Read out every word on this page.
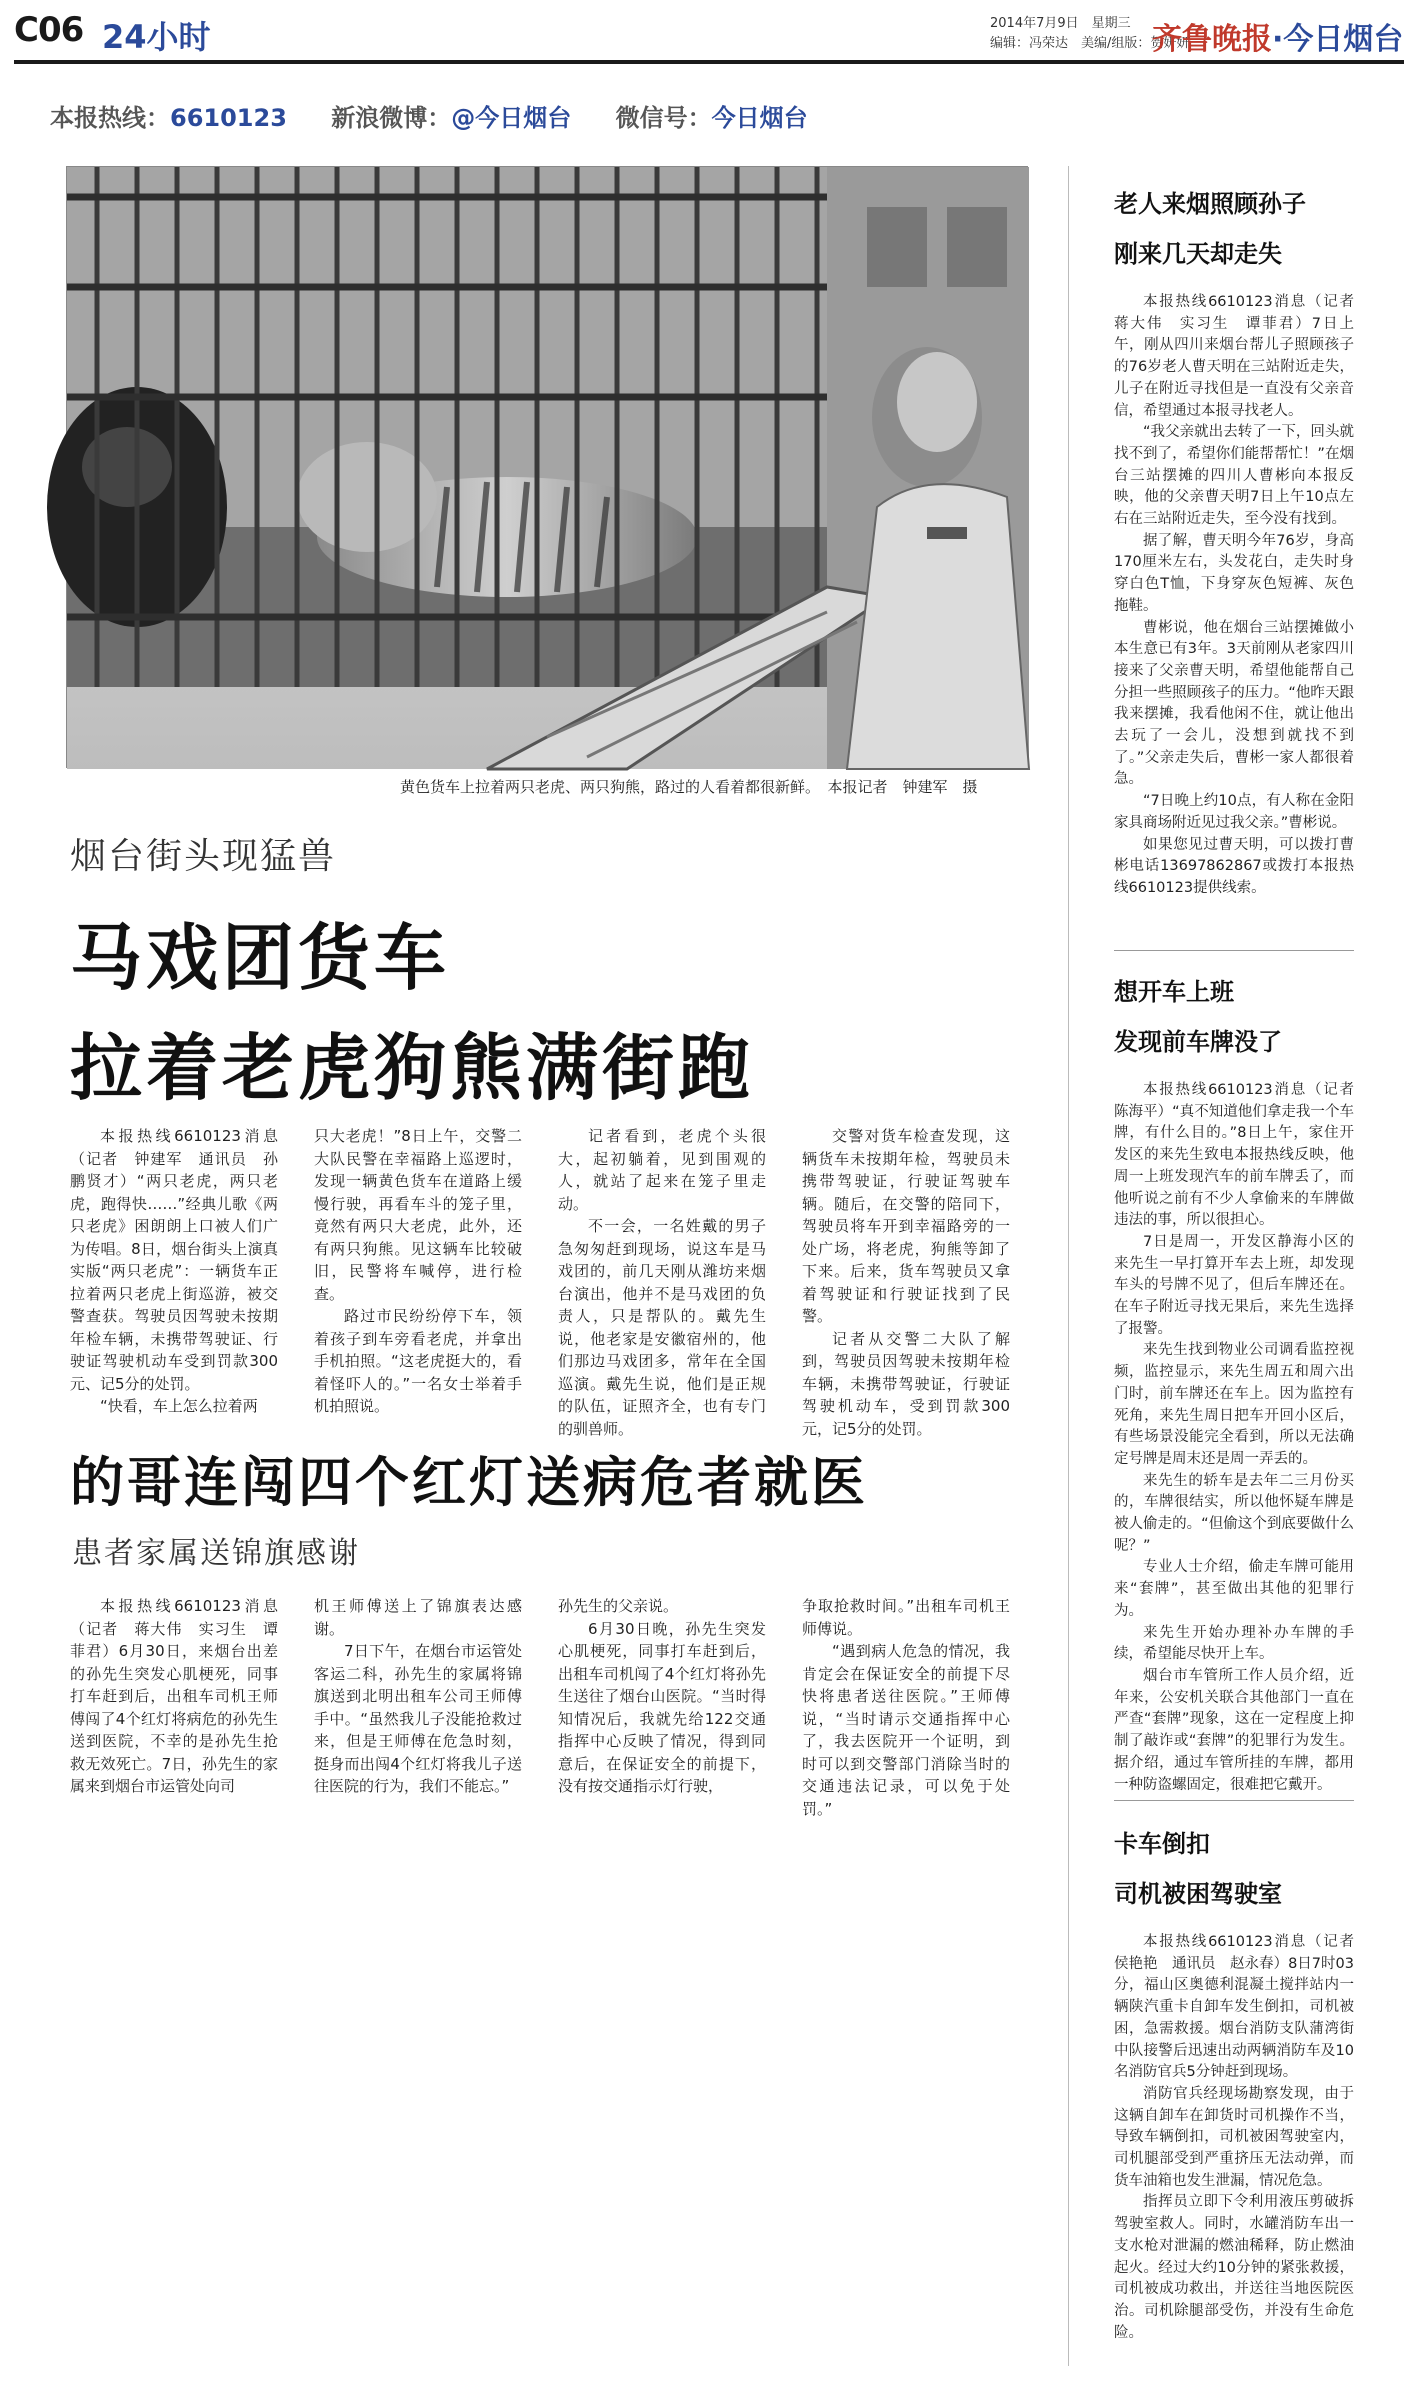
C06 24小时	2014年7月9日　星期三
编辑：冯荣达　美编/组版：贺妍妍
齐鲁晚报·今日烟台
本报热线：6610123 新浪微博：@今日烟台 微信号：今日烟台
黄色货车上拉着两只老虎、两只狗熊，路过的人看着都很新鲜。　本报记者　钟建军　摄
烟台街头现猛兽
马戏团货车
拉着老虎狗熊满街跑

本报热线6610123消息（记者　钟建军　通讯员　孙鹏贤才）“两只老虎，两只老虎，跑得快……”经典儿歌《两只老虎》困朗朗上口被人们广为传唱。8日，烟台街头上演真实版“两只老虎”：一辆货车正拉着两只老虎上街巡游，被交警查获。驾驶员因驾驶未按期年检车辆，未携带驾驶证、行驶证驾驶机动车受到罚款300元、记5分的处罚。

“快看，车上怎么拉着两

只大老虎！”8日上午，交警二大队民警在幸福路上巡逻时，发现一辆黄色货车在道路上缓慢行驶，再看车斗的笼子里，竟然有两只大老虎，此外，还有两只狗熊。见这辆车比较破旧，民警将车喊停，进行检查。

路过市民纷纷停下车，领着孩子到车旁看老虎，并拿出手机拍照。“这老虎挺大的，看着怪吓人的。”一名女士举着手机拍照说。

记者看到，老虎个头很大，起初躺着，见到围观的人，就站了起来在笼子里走动。

不一会，一名姓戴的男子急匆匆赶到现场，说这车是马戏团的，前几天刚从潍坊来烟台演出，他并不是马戏团的负责人，只是帮队的。戴先生说，他老家是安徽宿州的，他们那边马戏团多，常年在全国巡演。戴先生说，他们是正规的队伍，证照齐全，也有专门的驯兽师。

交警对货车检查发现，这辆货车未按期年检，驾驶员未携带驾驶证，行驶证驾驶车辆。随后，在交警的陪同下，驾驶员将车开到幸福路旁的一处广场，将老虎，狗熊等卸了下来。后来，货车驾驶员又拿着驾驶证和行驶证找到了民警。

记者从交警二大队了解到，驾驶员因驾驶未按期年检车辆，未携带驾驶证，行驶证驾驶机动车，受到罚款300元，记5分的处罚。

的哥连闯四个红灯送病危者就医
患者家属送锦旗感谢

本报热线6610123消息（记者　蒋大伟　实习生　谭菲君）6月30日，来烟台出差的孙先生突发心肌梗死，同事打车赶到后，出租车司机王师傅闯了4个红灯将病危的孙先生送到医院，不幸的是孙先生抢救无效死亡。7日，孙先生的家属来到烟台市运管处向司

机王师傅送上了锦旗表达感谢。

7日下午，在烟台市运管处客运二科，孙先生的家属将锦旗送到北明出租车公司王师傅手中。“虽然我儿子没能抢救过来，但是王师傅在危急时刻，挺身而出闯4个红灯将我儿子送往医院的行为，我们不能忘。”

孙先生的父亲说。

6月30日晚，孙先生突发心肌梗死，同事打车赶到后，出租车司机闯了4个红灯将孙先生送往了烟台山医院。“当时得知情况后，我就先给122交通指挥中心反映了情况，得到同意后，在保证安全的前提下，没有按交通指示灯行驶，

争取抢救时间。”出租车司机王师傅说。

“遇到病人危急的情况，我肯定会在保证安全的前提下尽快将患者送往医院。”王师傅说，“当时请示交通指挥中心了，我去医院开一个证明，到时可以到交警部门消除当时的交通违法记录，可以免于处罚。”

老人来烟照顾孙子
刚来几天却走失

本报热线6610123消息（记者　蒋大伟　实习生　谭菲君）7日上午，刚从四川来烟台帮儿子照顾孩子的76岁老人曹天明在三站附近走失，儿子在附近寻找但是一直没有父亲音信，希望通过本报寻找老人。

“我父亲就出去转了一下，回头就找不到了，希望你们能帮帮忙！”在烟台三站摆摊的四川人曹彬向本报反映，他的父亲曹天明7日上午10点左右在三站附近走失，至今没有找到。

据了解，曹天明今年76岁，身高170厘米左右，头发花白，走失时身穿白色T恤，下身穿灰色短裤、灰色拖鞋。

曹彬说，他在烟台三站摆摊做小本生意已有3年。3天前刚从老家四川接来了父亲曹天明，希望他能帮自己分担一些照顾孩子的压力。“他昨天跟我来摆摊，我看他闲不住，就让他出去玩了一会儿，没想到就找不到了。”父亲走失后，曹彬一家人都很着急。

“7日晚上约10点，有人称在金阳家具商场附近见过我父亲。”曹彬说。

如果您见过曹天明，可以拨打曹彬电话13697862867或拨打本报热线6610123提供线索。

想开车上班
发现前车牌没了

本报热线6610123消息（记者　陈海平）“真不知道他们拿走我一个车牌，有什么目的。”8日上午，家住开发区的来先生致电本报热线反映，他周一上班发现汽车的前车牌丢了，而他听说之前有不少人拿偷来的车牌做违法的事，所以很担心。

7日是周一，开发区静海小区的来先生一早打算开车去上班，却发现车头的号牌不见了，但后车牌还在。在车子附近寻找无果后，来先生选择了报警。

来先生找到物业公司调看监控视频，监控显示，来先生周五和周六出门时，前车牌还在车上。因为监控有死角，来先生周日把车开回小区后，有些场景没能完全看到，所以无法确定号牌是周末还是周一弄丢的。

来先生的轿车是去年二三月份买的，车牌很结实，所以他怀疑车牌是被人偷走的。“但偷这个到底要做什么呢？”

专业人士介绍，偷走车牌可能用来“套牌”，甚至做出其他的犯罪行为。

来先生开始办理补办车牌的手续，希望能尽快开上车。

烟台市车管所工作人员介绍，近年来，公安机关联合其他部门一直在严查“套牌”现象，这在一定程度上抑制了敲诈或“套牌”的犯罪行为发生。据介绍，通过车管所挂的车牌，都用一种防盗螺固定，很难把它戴开。

卡车倒扣
司机被困驾驶室

本报热线6610123消息（记者　侯艳艳　通讯员　赵永春）8日7时03分，福山区奥德利混凝土搅拌站内一辆陕汽重卡自卸车发生倒扣，司机被困，急需救援。烟台消防支队蒲湾街中队接警后迅速出动两辆消防车及10名消防官兵5分钟赶到现场。

消防官兵经现场勘察发现，由于这辆自卸车在卸货时司机操作不当，导致车辆倒扣，司机被困驾驶室内，司机腿部受到严重挤压无法动弹，而货车油箱也发生泄漏，情况危急。

指挥员立即下令利用液压剪破拆驾驶室救人。同时，水罐消防车出一支水枪对泄漏的燃油稀释，防止燃油起火。经过大约10分钟的紧张救援，司机被成功救出，并送往当地医院医治。司机除腿部受伤，并没有生命危险。
